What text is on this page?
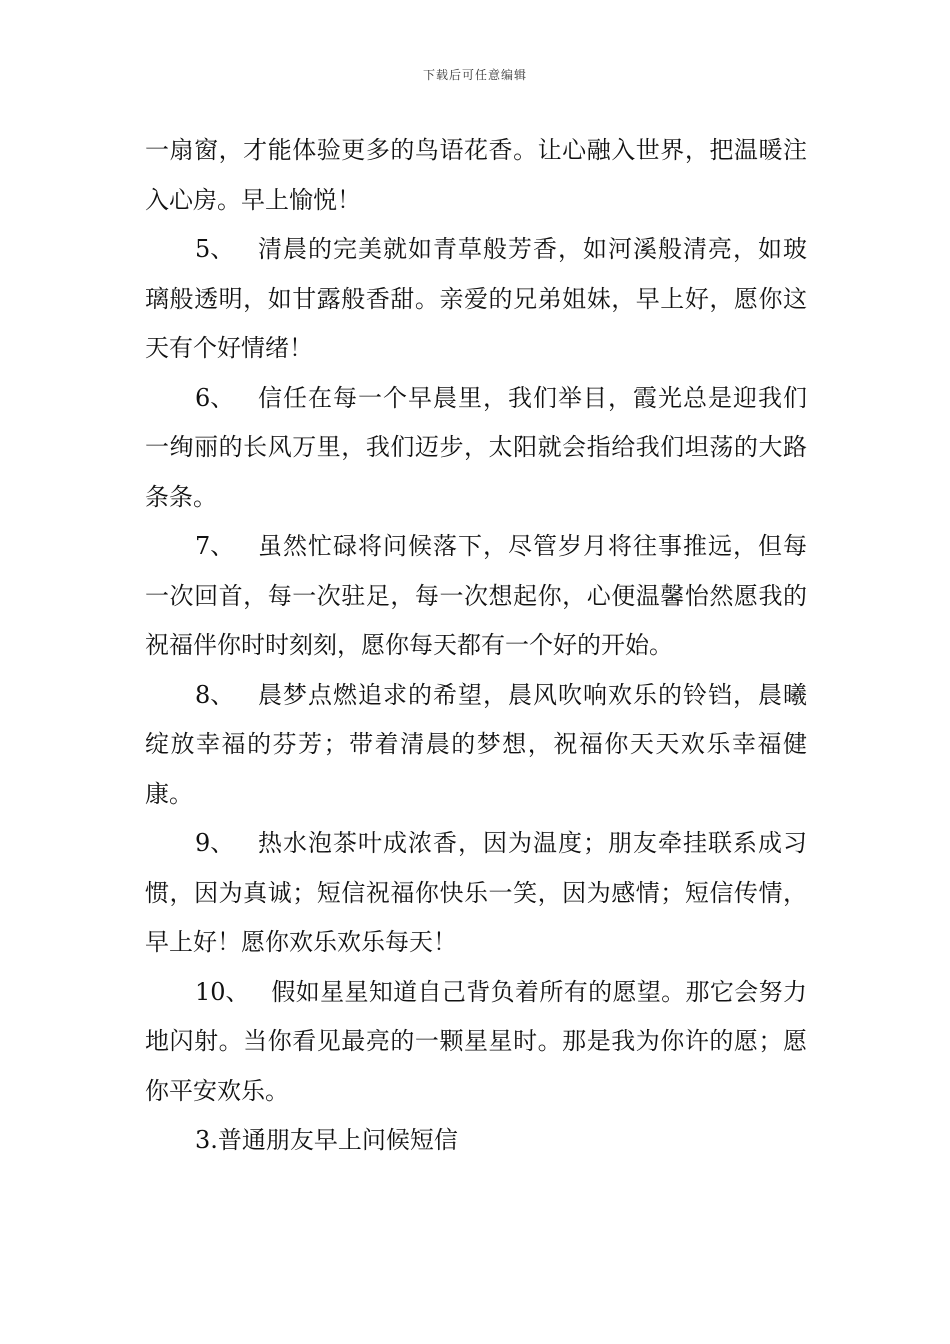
下载后可任意编辑

一扇窗，才能体验更多的鸟语花香。让心融入世界，把温暖注入心房。早上愉悦！

5、 清晨的完美就如青草般芳香，如河溪般清亮，如玻璃般透明，如甘露般香甜。亲爱的兄弟姐妹，早上好，愿你这天有个好情绪！

6、 信任在每一个早晨里，我们举目，霞光总是迎我们一绚丽的长风万里，我们迈步，太阳就会指给我们坦荡的大路条条。

7、 虽然忙碌将问候落下，尽管岁月将往事推远，但每一次回首，每一次驻足，每一次想起你，心便温馨怡然愿我的祝福伴你时时刻刻，愿你每天都有一个好的开始。

8、 晨梦点燃追求的希望，晨风吹响欢乐的铃铛，晨曦绽放幸福的芬芳；带着清晨的梦想，祝福你天天欢乐幸福健康。

9、 热水泡茶叶成浓香，因为温度；朋友牵挂联系成习惯，因为真诚；短信祝福你快乐一笑，因为感情；短信传情，早上好！愿你欢乐欢乐每天！

10、 假如星星知道自己背负着所有的愿望。那它会努力地闪射。当你看见最亮的一颗星星时。那是我为你许的愿；愿你平安欢乐。

3.普通朋友早上问候短信
